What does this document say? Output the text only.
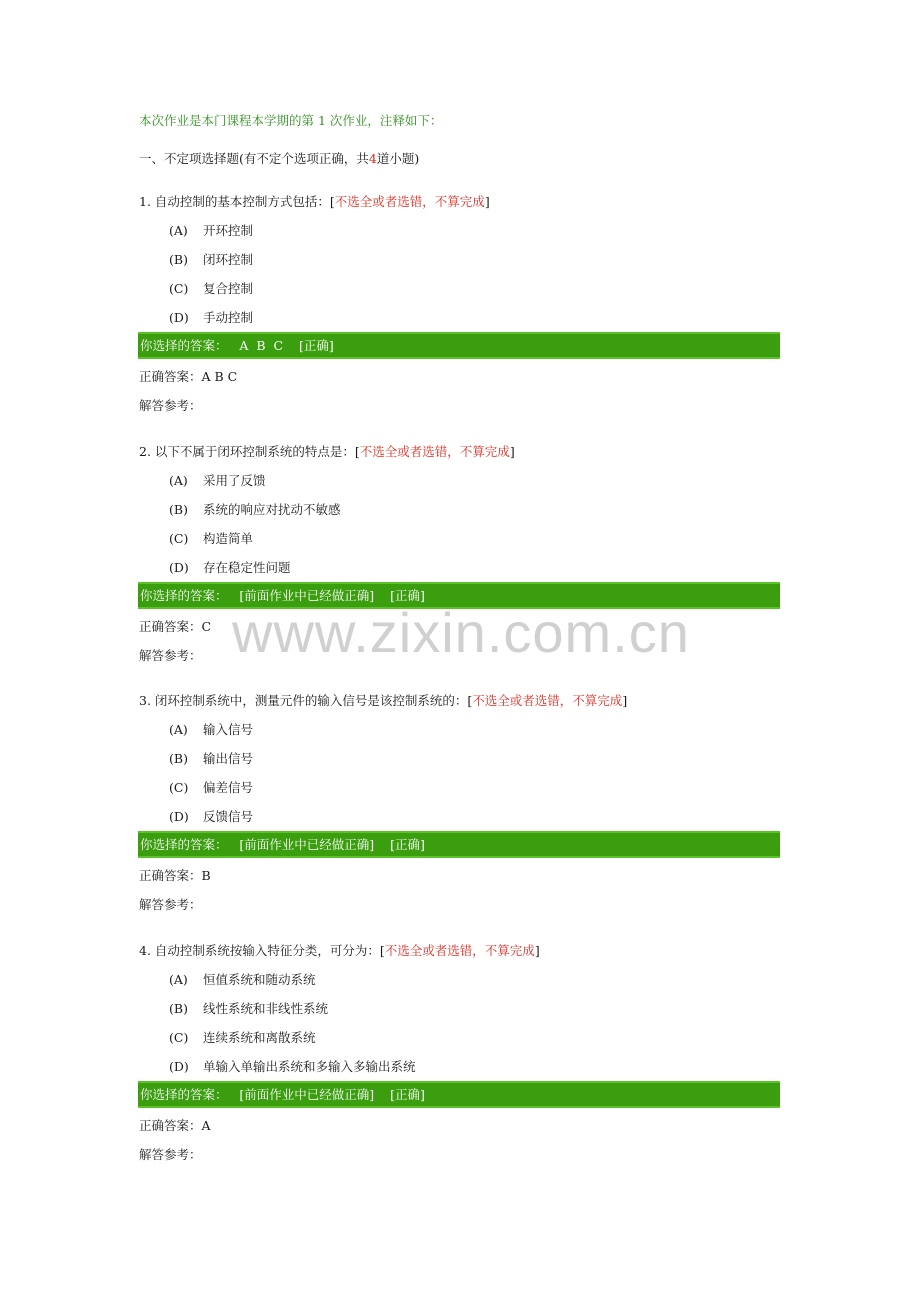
本次作业是本门课程本学期的第 1 次作业，注释如下：
一、不定项选择题(有不定个选项正确，共4道小题)
1. 自动控制的基本控制方式包括：[不选全或者选错，不算完成]
(A) 开环控制
(B) 闭环控制
(C) 复合控制
(D) 手动控制
你选择的答案：   A  B  C    [正确]
正确答案：A B C
解答参考：
2. 以下不属于闭环控制系统的特点是：[不选全或者选错，不算完成]
(A) 采用了反馈
(B) 系统的响应对扰动不敏感
(C) 构造简单
(D) 存在稳定性问题
你选择的答案：   [前面作业中已经做正确]    [正确]
正确答案：C
解答参考：
3. 闭环控制系统中，测量元件的输入信号是该控制系统的：[不选全或者选错，不算完成]
(A) 输入信号
(B) 输出信号
(C) 偏差信号
(D) 反馈信号
你选择的答案：   [前面作业中已经做正确]    [正确]
正确答案：B
解答参考：
4. 自动控制系统按输入特征分类，可分为：[不选全或者选错，不算完成]
(A) 恒值系统和随动系统
(B) 线性系统和非线性系统
(C) 连续系统和离散系统
(D) 单输入单输出系统和多输入多输出系统
你选择的答案：   [前面作业中已经做正确]    [正确]
正确答案：A
解答参考：
www.zixin.com.cn
